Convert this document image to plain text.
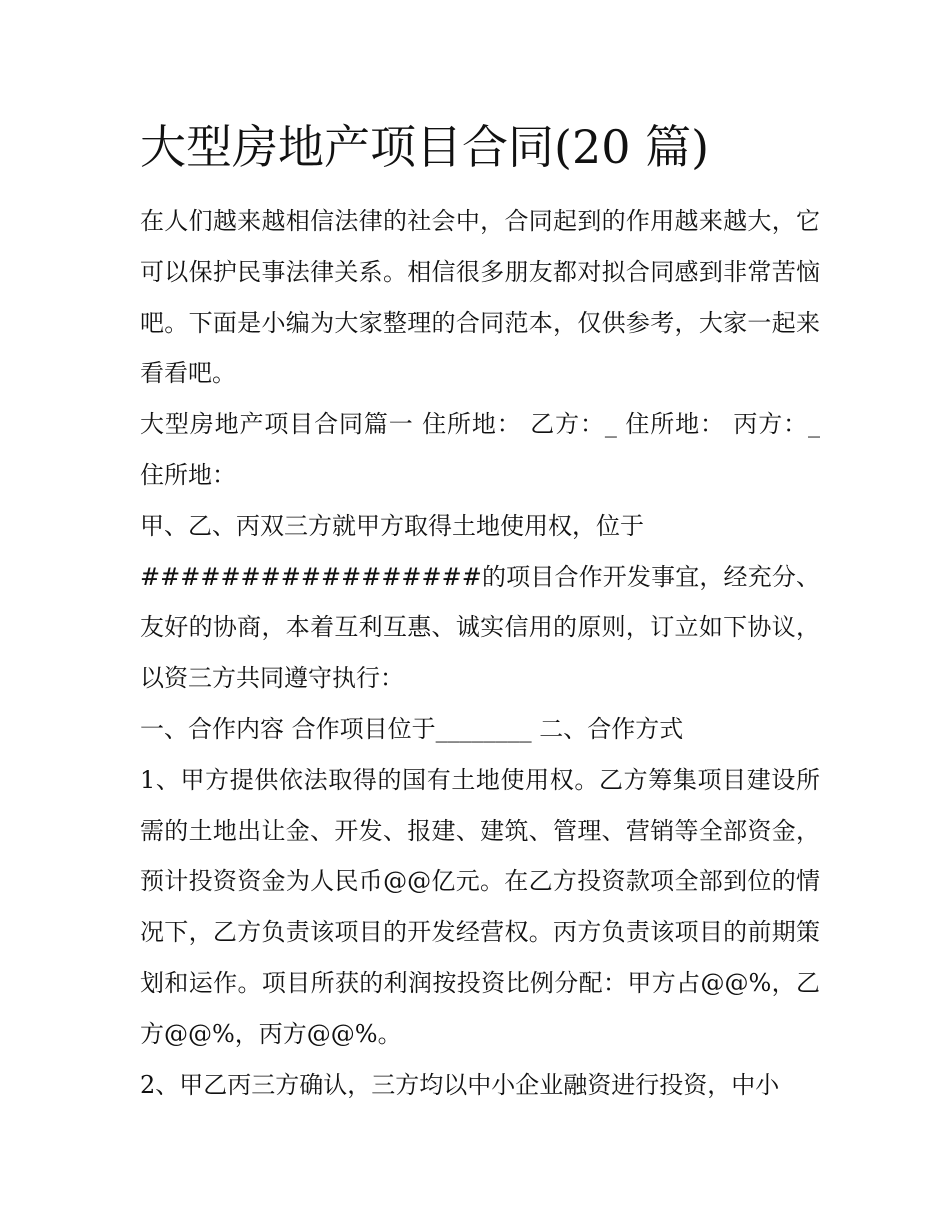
大型房地产项目合同(20 篇)

在人们越来越相信法律的社会中，合同起到的作用越来越大，它可以保护民事法律关系。相信很多朋友都对拟合同感到非常苦恼吧。下面是小编为大家整理的合同范本，仅供参考，大家一起来看看吧。

大型房地产项目合同篇一 住所地： 乙方：_ 住所地： 丙方：_ 住所地：

甲、乙、丙双三方就甲方取得土地使用权，位于

#################的项目合作开发事宜，经充分、友好的协商，本着互利互惠、诚实信用的原则，订立如下协议，以资三方共同遵守执行：

一、合作内容 合作项目位于________ 二、合作方式

1、甲方提供依法取得的国有土地使用权。乙方筹集项目建设所需的土地出让金、开发、报建、建筑、管理、营销等全部资金，预计投资资金为人民币@@亿元。在乙方投资款项全部到位的情况下，乙方负责该项目的开发经营权。丙方负责该项目的前期策划和运作。项目所获的利润按投资比例分配：甲方占@@%，乙方@@%，丙方@@%。

2、甲乙丙三方确认，三方均以中小企业融资进行投资，中小
